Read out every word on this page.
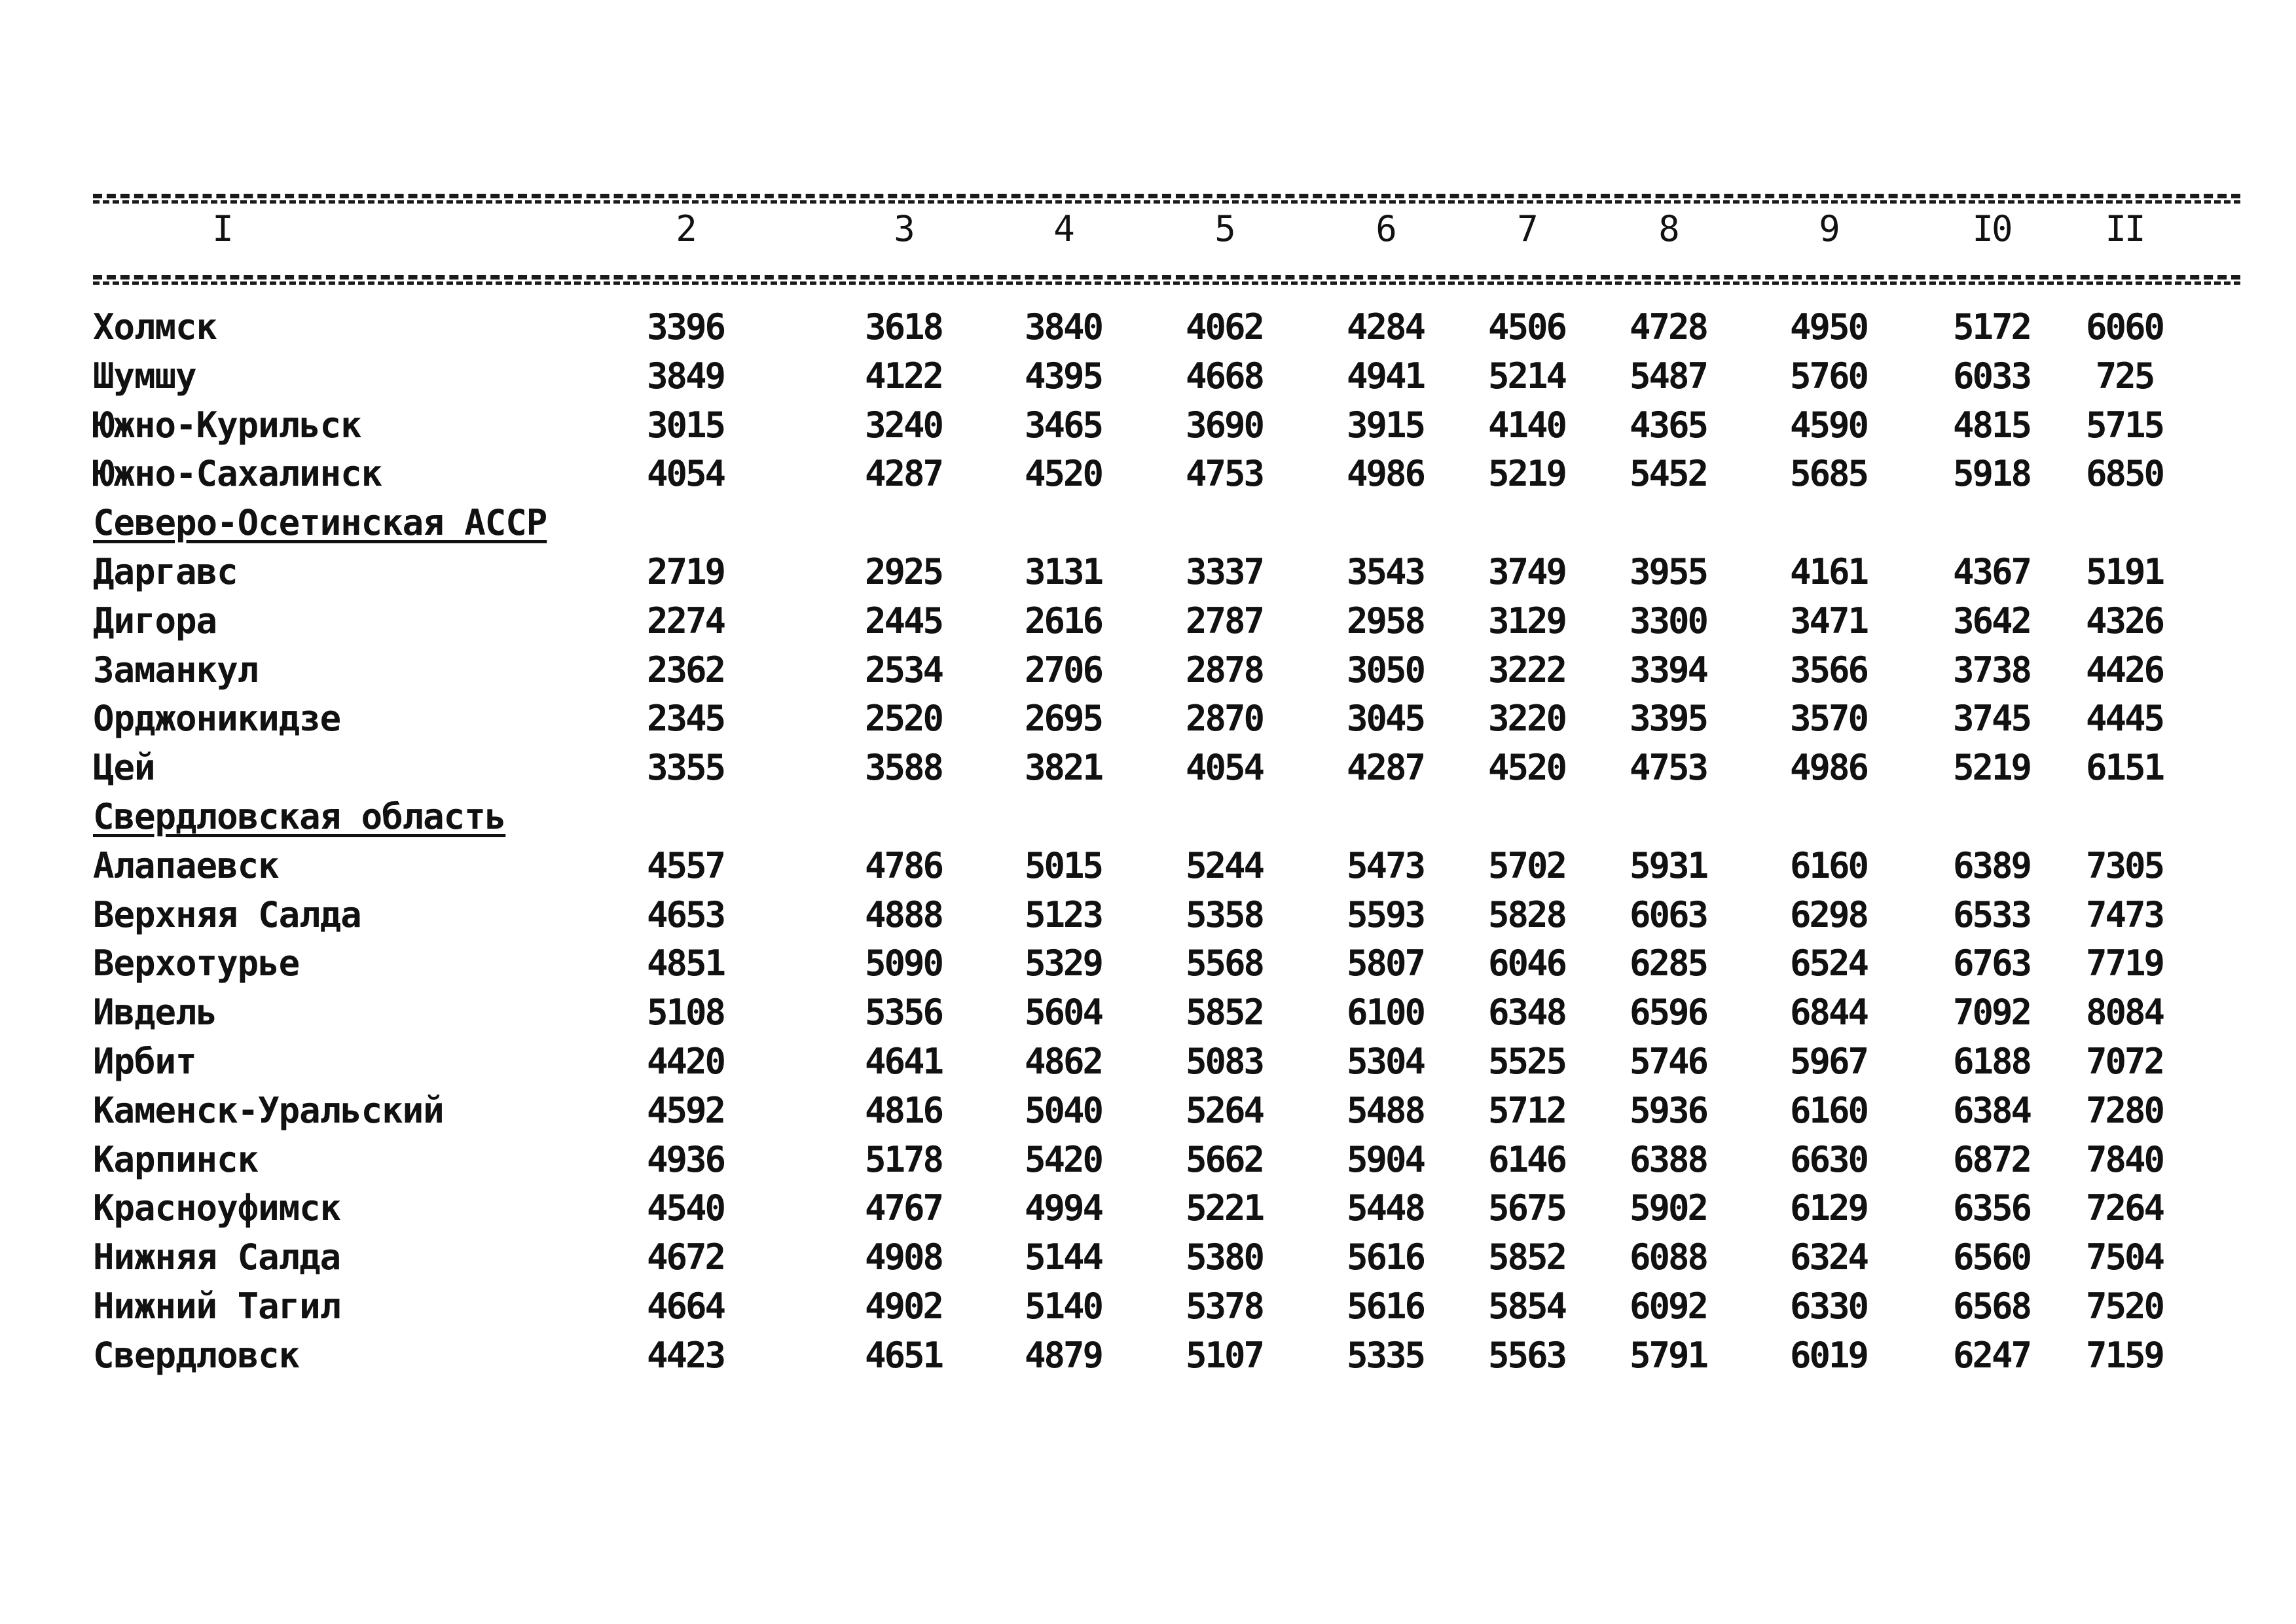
I	2	3	4	5	6	7	8	9	I0	II
Холмск	3396	3618	3840	4062	4284	4506	4728	4950	5172	6060
Шумшу	3849	4122	4395	4668	4941	5214	5487	5760	6033	725
Южно-Курильск	3015	3240	3465	3690	3915	4140	4365	4590	4815	5715
Южно-Сахалинск	4054	4287	4520	4753	4986	5219	5452	5685	5918	6850
Северо-Осетинская АССР
Даргавс	2719	2925	3131	3337	3543	3749	3955	4161	4367	5191
Дигора	2274	2445	2616	2787	2958	3129	3300	3471	3642	4326
Заманкул	2362	2534	2706	2878	3050	3222	3394	3566	3738	4426
Орджоникидзе	2345	2520	2695	2870	3045	3220	3395	3570	3745	4445
Цей	3355	3588	3821	4054	4287	4520	4753	4986	5219	6151
Свердловская область
Алапаевск	4557	4786	5015	5244	5473	5702	5931	6160	6389	7305
Верхняя Салда	4653	4888	5123	5358	5593	5828	6063	6298	6533	7473
Верхотурье	4851	5090	5329	5568	5807	6046	6285	6524	6763	7719
Ивдель	5108	5356	5604	5852	6100	6348	6596	6844	7092	8084
Ирбит	4420	4641	4862	5083	5304	5525	5746	5967	6188	7072
Каменск-Уральский	4592	4816	5040	5264	5488	5712	5936	6160	6384	7280
Карпинск	4936	5178	5420	5662	5904	6146	6388	6630	6872	7840
Красноуфимск	4540	4767	4994	5221	5448	5675	5902	6129	6356	7264
Нижняя Салда	4672	4908	5144	5380	5616	5852	6088	6324	6560	7504
Нижний Тагил	4664	4902	5140	5378	5616	5854	6092	6330	6568	7520
Свердловск	4423	4651	4879	5107	5335	5563	5791	6019	6247	7159
